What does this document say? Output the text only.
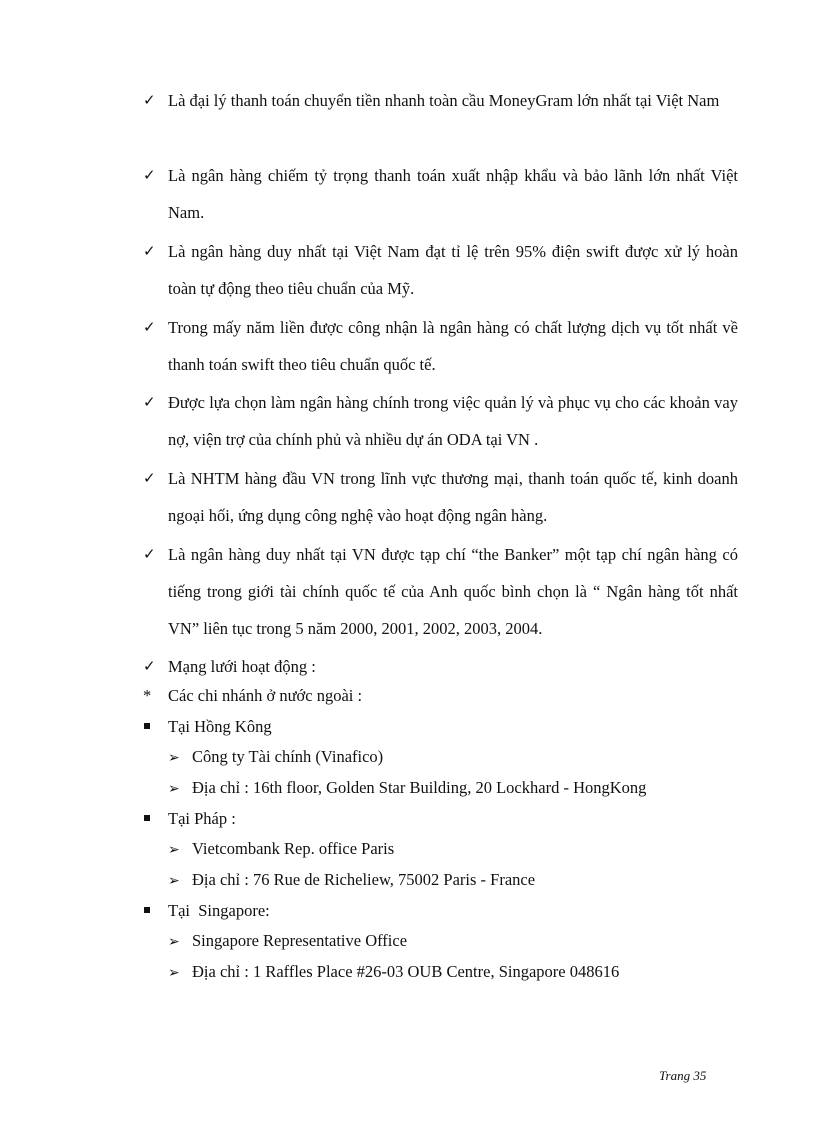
✓ Là đại lý thanh toán chuyển tiền nhanh toàn cầu MoneyGram lớn nhất tại Việt Nam
✓ Là ngân hàng chiếm tỷ trọng thanh toán xuất nhập khẩu và bảo lãnh lớn nhất Việt Nam.
✓ Là ngân hàng duy nhất tại Việt Nam đạt tỉ lệ trên 95% điện swift được xử lý hoàn toàn tự động theo tiêu chuẩn của Mỹ.
✓ Trong mấy năm liền được công nhận là ngân hàng có chất lượng dịch vụ tốt nhất về thanh toán swift theo tiêu chuẩn quốc tế.
✓ Được lựa chọn làm ngân hàng chính trong việc quản lý và phục vụ cho các khoản vay nợ, viện trợ của chính phủ và nhiều dự án ODA tại VN .
✓ Là NHTM hàng đầu VN trong lĩnh vực thương mại, thanh toán quốc tế, kinh doanh ngoại hối, ứng dụng công nghệ vào hoạt động ngân hàng.
✓ Là ngân hàng duy nhất tại VN được tạp chí “the Banker” một tạp chí ngân hàng có tiếng trong giới tài chính quốc tế của Anh quốc bình chọn là “ Ngân hàng tốt nhất VN” liên tục trong 5 năm 2000, 2001, 2002, 2003, 2004.
✓ Mạng lưới hoạt động :
* Các chi nhánh ở nước ngoài :
Tại Hồng Kông
➢ Công ty Tài chính (Vinafico)
➢ Địa chỉ : 16th floor, Golden Star Building, 20 Lockhard - HongKong
Tại Pháp :
➢ Vietcombank Rep. office Paris
➢ Địa chỉ : 76 Rue de Richeliew, 75002 Paris - France
Tại  Singapore:
➢ Singapore Representative Office
➢ Địa chỉ : 1 Raffles Place #26-03 OUB Centre, Singapore 048616
Trang 35
